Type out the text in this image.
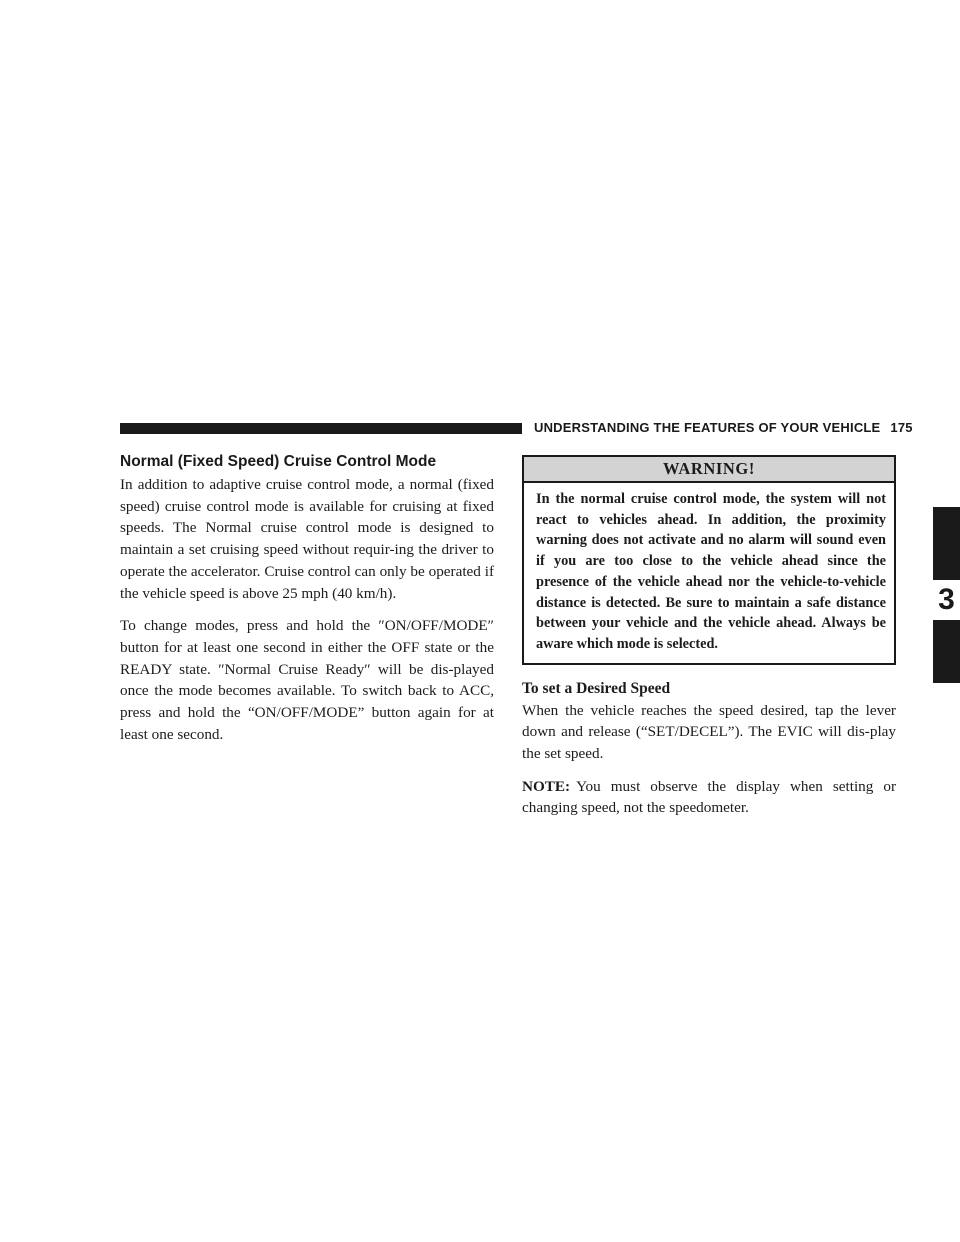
UNDERSTANDING THE FEATURES OF YOUR VEHICLE 175
3
Normal (Fixed Speed) Cruise Control Mode

In addition to adaptive cruise control mode, a normal (fixed speed) cruise control mode is available for cruising at fixed speeds. The Normal cruise control mode is designed to maintain a set cruising speed without requir-ing the driver to operate the accelerator. Cruise control can only be operated if the vehicle speed is above 25 mph (40 km/h).

To change modes, press and hold the ″ON/OFF/MODE″ button for at least one second in either the OFF state or the READY state. ″Normal Cruise Ready″ will be dis-played once the mode becomes available. To switch back to ACC, press and hold the “ON/OFF/MODE” button again for at least one second.

WARNING!
In the normal cruise control mode, the system will not react to vehicles ahead. In addition, the proximity warning does not activate and no alarm will sound even if you are too close to the vehicle ahead since the presence of the vehicle ahead nor the vehicle-to-vehicle distance is detected. Be sure to maintain a safe distance between your vehicle and the vehicle ahead. Always be aware which mode is selected.
To set a Desired Speed

When the vehicle reaches the speed desired, tap the lever down and release (“SET/DECEL”). The EVIC will dis-play the set speed.

NOTE: You must observe the display when setting or changing speed, not the speedometer.
